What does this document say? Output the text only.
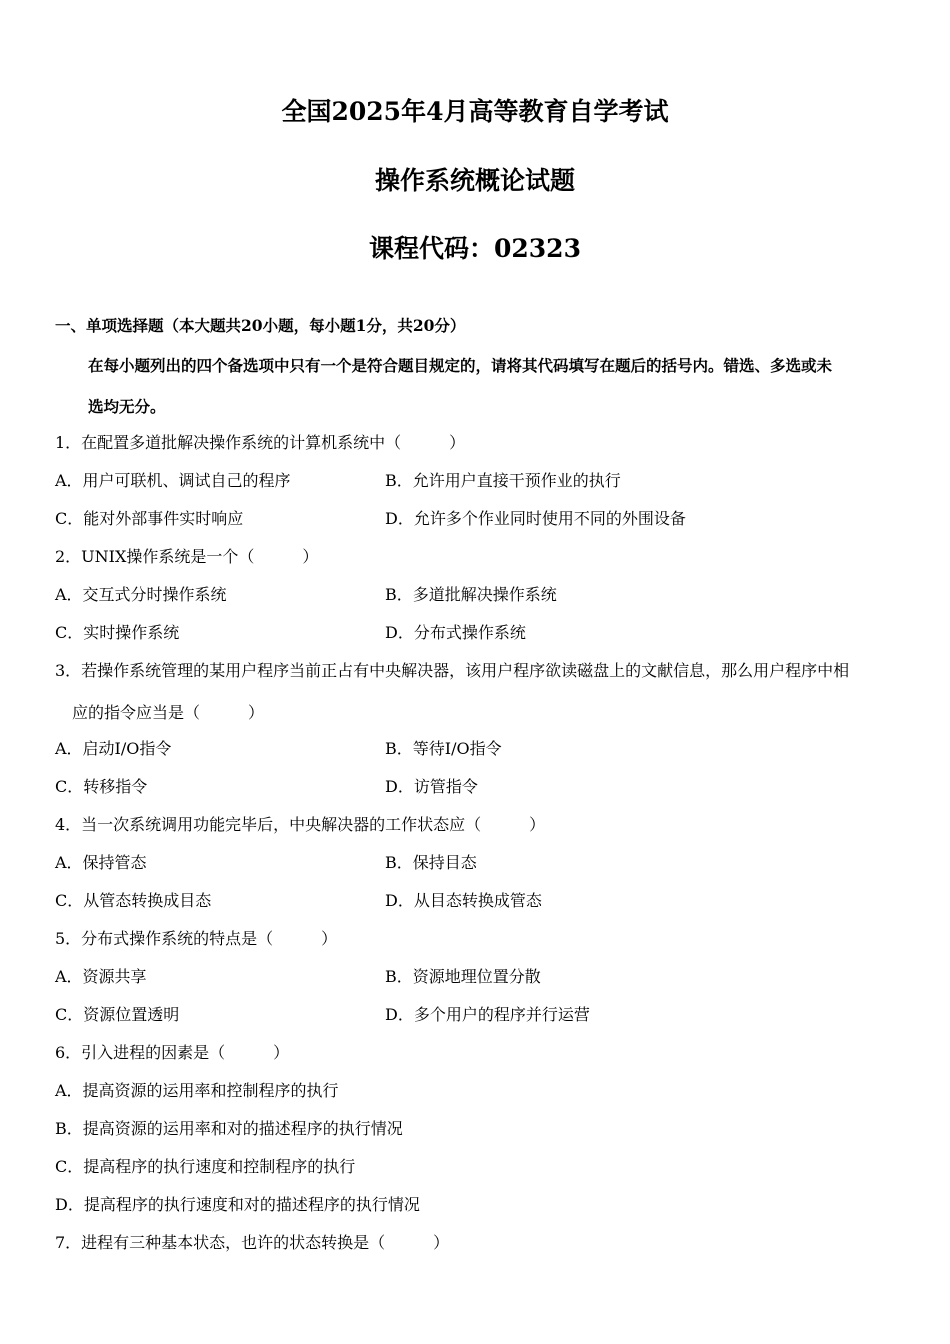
全国2025年4月高等教育自学考试
操作系统概论试题
课程代码：02323
一、单项选择题（本大题共20小题，每小题1分，共20分）
在每小题列出的四个备选项中只有一个是符合题目规定的，请将其代码填写在题后的括号内。错选、多选或未
选均无分。
1．在配置多道批解决操作系统的计算机系统中（　　　）
A．用户可联机、调试自己的程序	B．允许用户直接干预作业的执行
C．能对外部事件实时响应	D．允许多个作业同时使用不同的外围设备
2．UNIX操作系统是一个（　　　）
A．交互式分时操作系统	B．多道批解决操作系统
C．实时操作系统	D．分布式操作系统
3．若操作系统管理的某用户程序当前正占有中央解决器，该用户程序欲读磁盘上的文献信息，那么用户程序中相
应的指令应当是（　　　）
A．启动I/O指令	B．等待I/O指令
C．转移指令	D．访管指令
4．当一次系统调用功能完毕后，中央解决器的工作状态应（　　　）
A．保持管态	B．保持目态
C．从管态转换成目态	D．从目态转换成管态
5．分布式操作系统的特点是（　　　）
A．资源共享	B．资源地理位置分散
C．资源位置透明	D．多个用户的程序并行运营
6．引入进程的因素是（　　　）
A．提高资源的运用率和控制程序的执行
B．提高资源的运用率和对的描述程序的执行情况
C．提高程序的执行速度和控制程序的执行
D．提高程序的执行速度和对的描述程序的执行情况
7．进程有三种基本状态，也许的状态转换是（　　　）
